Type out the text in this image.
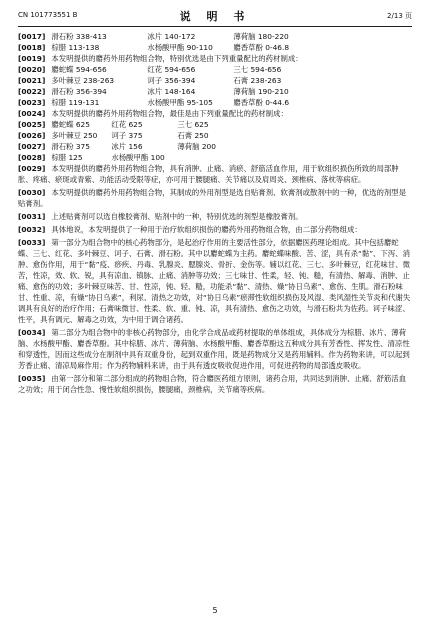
CN 101773551 B	说 明 书	2/13 页
[0017] 滑石粉 338-413	冰片 140-172	薄荷脑 180-220
[0018] 棕腊 113-138	水杨酸甲酯 90-110	麝香草酚 0-46.8
[0019] 本发明提供的麝药外用药物组合物，特别优选是由下列重量配比的药材制成：
[0020] 麝蛇蝶 594-656	红花 594-656	三七 594-656
[0021] 多叶棘豆 238-263	诃子 356-394	石膏 238-263
[0022] 滑石粉 356-394	冰片 148-164	薄荷脑 190-210
[0023] 棕腊 119-131	水杨酸甲酯 95-105	麝香草酚 0-44.6
[0024] 本发明提供的麝药外用药物组合物，最佳是由下列重量配比的药材制成：
[0025] 麝蛇蝶 625	红花 625	三七 625
[0026] 多叶棘豆 250	诃子 375	石膏 250
[0027] 滑石粉 375	冰片 156	薄荷脑 200
[0028] 棕腊 125	水杨酸甲酯 100

[0029] 本发明提供的麝药外用药物组合物，具有消肿、止痛、消瘀、舒筋活血作用，用于软组织损伤所致的局部肿胀、疼痛、瘀斑或青紫、功能活动受限等症，亦可用于腰腿痛、关节痛以及肩周炎、颈椎病、落枕等病症。

[0030] 本发明提供的麝药外用药物组合物，其制成的外用剂型是选自贴膏剂、软膏剂或散剂中的一种，优选的剂型是贴膏剂。

[0031] 上述贴膏剂可以选自橡胶膏剂、贴剂中的一种，特别优选的剂型是橡胶膏剂。

[0032] 具体地说，本发明提供了一种用于治疗软组织损伤的麝药外用药物组合物，由二部分药物组成：

[0033] 第一部分为组合物中的核心药物部分，是起治疗作用的主要活性部分，依据麝医药理论组成。其中包括麝蛇蝶、三七、红花、多叶棘豆、诃子、石膏、滑石粉。其中以麝蛇蝶为主药。麝蛇蝶味酸、苦、涩，具有杀“黏”、下泻、消肿、愈伤作用，用于“黏”疫、痧疾、丹毒、乳腺炎、腮腺炎、骨折、金伤等。辅以红花、三七、多叶棘豆，红花味甘、微苦，性凉，效、软、锐，具有凉血、镇脉、止痛、消肿等功效；三七味甘、性柔，轻、钝、糙，有清热、解毒、消肿、止痛、愈伤的功效；多叶棘豆味苦、甘、性凉，钝、轻、糙，功能杀“黏”、清热、燥“协日乌素”、愈伤、生肌。滑石粉味甘、性重、凉，有燥“协日乌素”，利尿、清热之功效，对“协日乌素”瘀滞性软组织损伤及风湿、类风湿性关节炎和代谢失调具有良好的治疗作用；石膏味微甘、性柔、软、重、钝、凉，具有清热、愈伤之功效，与滑石粉共为佐药。诃子味涩、性平，具有调元、解毒之功效，为中用于调合诸药。

[0034] 第二部分为组合物中的非核心药物部分，由化学合成品或药材提取的单体组成，具体成分为棕腊、冰片、薄荷脑、水杨酸甲酯、麝香草酚。其中棕腊、冰片、薄荷脑、水杨酸甲酯、麝香草酚这五种成分具有芳香性、挥发性、清凉性和穿透性，因而这些成分在制剂中具有双重身份，起到双重作用，既是药物成分又是药用辅料。作为药物来讲，可以起到芳香止痛、清凉局麻作用；作为药物辅料来讲，由于具有透皮吸收促进作用，可促进药物的局部透皮吸收。

[0035] 由第一部分和第二部分组成的药物组合物，符合麝医药组方原则，诸药合用，共同达到消肿、止痛、舒筋活血之功效；用于闭合性急、慢性软组织损伤，腰腿痛，颈椎病，关节痛等疾病。

5
